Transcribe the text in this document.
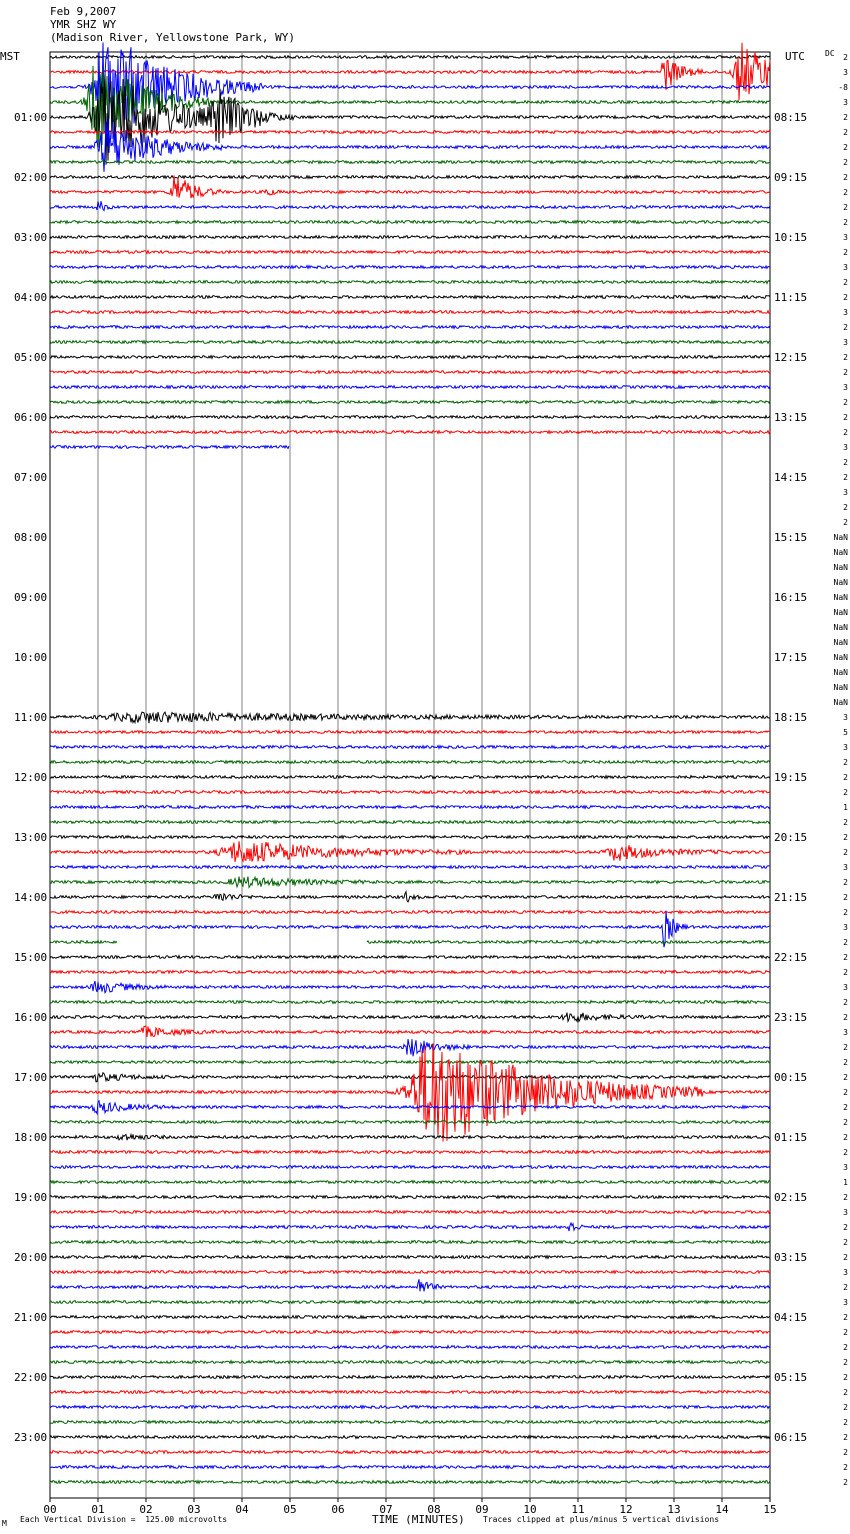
Feb 9,2007
YMR SHZ WY
(Madison River, Yellowstone Park, WY)
01:00
02:00
03:00
04:00
05:00
06:00
07:00
08:00
09:00
10:00
11:00
12:00
13:00
14:00
15:00
16:00
17:00
18:00
19:00
20:00
21:00
22:00
23:00
08:15
09:15
10:15
11:15
12:15
13:15
14:15
15:15
16:15
17:15
18:15
19:15
20:15
21:15
22:15
23:15
00:15
01:15
02:15
03:15
04:15
05:15
06:15
2
3
-8
3
2
2
2
2
2
2
2
2
3
2
3
2
2
3
2
3
2
2
3
2
2
2
3
2
2
3
2
2
NaN
NaN
NaN
NaN
NaN
NaN
NaN
NaN
NaN
NaN
NaN
NaN
3
5
3
2
2
2
1
2
2
2
3
2
2
2
3
2
2
2
3
2
2
3
2
2
2
2
2
2
2
2
3
1
2
3
2
2
2
3
2
3
2
2
2
2
2
2
2
2
2
2
2
2
00	01	02	03	04	05	06	07	08	09	10	11	12	13	14	15
MST	UTC	DC
TIME (MINUTES)
Each Vertical Division =  125.00 microvolts	Traces clipped at plus/minus 5 vertical divisions
M
